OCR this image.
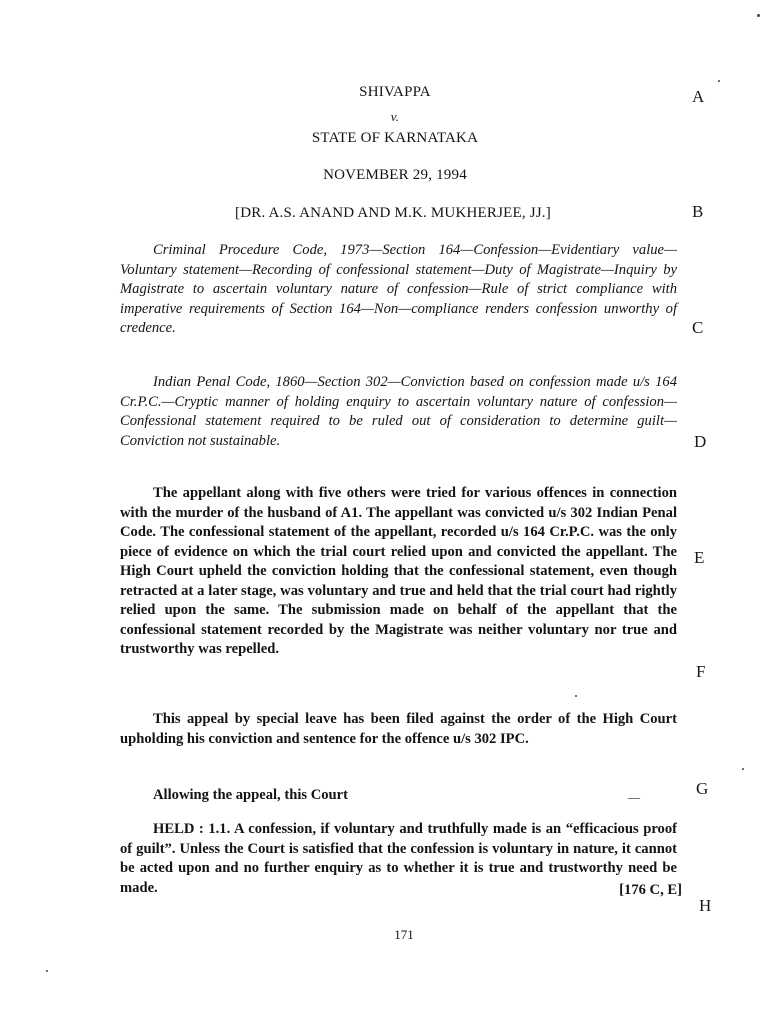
SHIVAPPA
v.
STATE OF KARNATAKA
NOVEMBER 29, 1994
[DR. A.S. ANAND AND M.K. MUKHERJEE, JJ.]
A
B
C
D
E
F
G
H

Criminal Procedure Code, 1973—Section 164—Confession—Evidentiary value—Voluntary statement—Recording of confessional statement—Duty of Magistrate—Inquiry by Magistrate to ascertain voluntary nature of confession—Rule of strict compliance with imperative requirements of Section 164—Non—compliance renders confession unworthy of credence.

Indian Penal Code, 1860—Section 302—Conviction based on confession made u/s 164 Cr.P.C.—Cryptic manner of holding enquiry to ascertain voluntary nature of confession—Confessional statement required to be ruled out of consideration to determine guilt—Conviction not sustainable.

The appellant along with five others were tried for various offences in connection with the murder of the husband of A1. The appellant was convicted u/s 302 Indian Penal Code. The confessional statement of the appellant, recorded u/s 164 Cr.P.C. was the only piece of evidence on which the trial court relied upon and convicted the appellant. The High Court upheld the conviction holding that the confessional statement, even though retracted at a later stage, was voluntary and true and held that the trial court had rightly relied upon the same. The submission made on behalf of the appellant that the confessional statement recorded by the Magistrate was neither voluntary nor true and trustworthy was repelled.

This appeal by special leave has been filed against the order of the High Court upholding his conviction and sentence for the offence u/s 302 IPC.

Allowing the appeal, this Court	—

HELD : 1.1. A confession, if voluntary and truthfully made is an “efficacious proof of guilt”. Unless the Court is satisfied that the confession is voluntary in nature, it cannot be acted upon and no further enquiry as to whether it is true and trustworthy need be made.	[176 C, E]
171
